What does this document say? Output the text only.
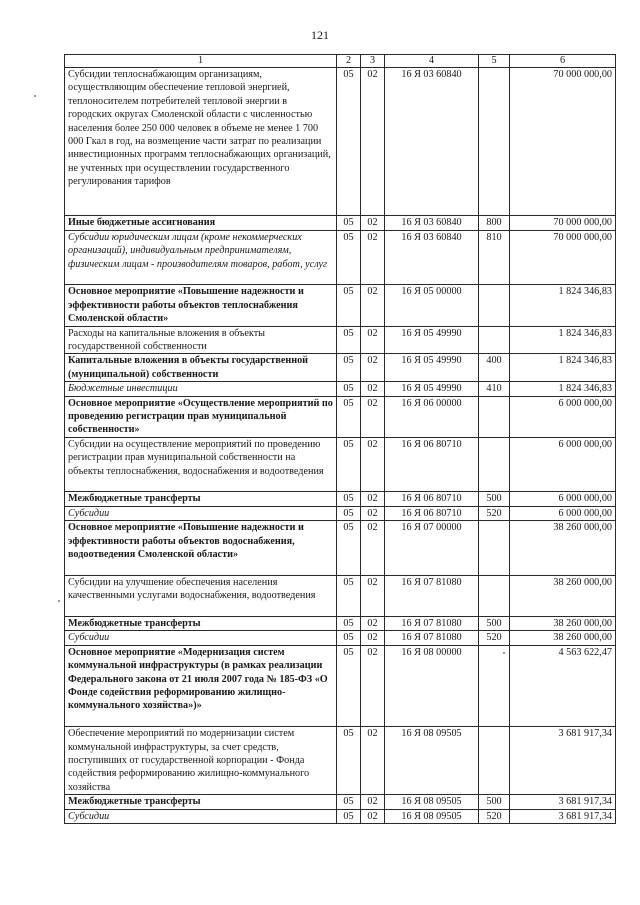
121
1	2	3	4	5	6
Субсидии теплоснабжающим организациям, осуществляющим обеспечение тепловой энергией, теплоносителем потребителей тепловой энергии в городских округах Смоленской области с численностью населения более 250 000 человек в объеме не менее 1 700 000 Гкал в год, на возмещение части затрат по реализации инвестиционных программ теплоснабжающих организаций, не учтенных при осуществлении государственного регулирования тарифов	05	02	16 Я 03 60840		70 000 000,00
Иные бюджетные ассигнования	05	02	16 Я 03 60840	800	70 000 000,00
Субсидии юридическим лицам (кроме некоммерческих организаций), индивидуальным предпринимателям, физическим лицам - производителям товаров, работ, услуг	05	02	16 Я 03 60840	810	70 000 000,00
Основное мероприятие «Повышение надежности и эффективности работы объектов теплоснабжения Смоленской области»	05	02	16 Я 05 00000		1 824 346,83
Расходы на капитальные вложения в объекты государственной собственности	05	02	16 Я 05 49990		1 824 346,83
Капитальные вложения в объекты государственной (муниципальной) собственности	05	02	16 Я 05 49990	400	1 824 346,83
Бюджетные инвестиции	05	02	16 Я 05 49990	410	1 824 346,83
Основное мероприятие «Осуществление мероприятий по проведению регистрации прав муниципальной собственности»	05	02	16 Я 06 00000		6 000 000,00
Субсидии на осуществление мероприятий по проведению регистрации прав муниципальной собственности на объекты теплоснабжения, водоснабжения и водоотведения	05	02	16 Я 06 80710		6 000 000,00
Межбюджетные трансферты	05	02	16 Я 06 80710	500	6 000 000,00
Субсидии	05	02	16 Я 06 80710	520	6 000 000,00
Основное мероприятие «Повышение надежности и эффективности работы объектов водоснабжения, водоотведения Смоленской области»	05	02	16 Я 07 00000		38 260 000,00
Субсидии на улучшение обеспечения населения качественными услугами водоснабжения, водоотведения	05	02	16 Я 07 81080		38 260 000,00
Межбюджетные трансферты	05	02	16 Я 07 81080	500	38 260 000,00
Субсидии	05	02	16 Я 07 81080	520	38 260 000,00
Основное мероприятие «Модернизация систем коммунальной инфраструктуры (в рамках реализации Федерального закона от 21 июля 2007 года № 185-ФЗ «О Фонде содействия реформированию жилищно-коммунального хозяйства»)»	05	02	16 Я 08 00000		4 563 622,47
Обеспечение мероприятий по модернизации систем коммунальной инфраструктуры, за счет средств, поступивших от государственной корпорации - Фонда содействия реформированию жилищно-коммунального хозяйства	05	02	16 Я 08 09505		3 681 917,34
Межбюджетные трансферты	05	02	16 Я 08 09505	500	3 681 917,34
Субсидии	05	02	16 Я 08 09505	520	3 681 917,34
